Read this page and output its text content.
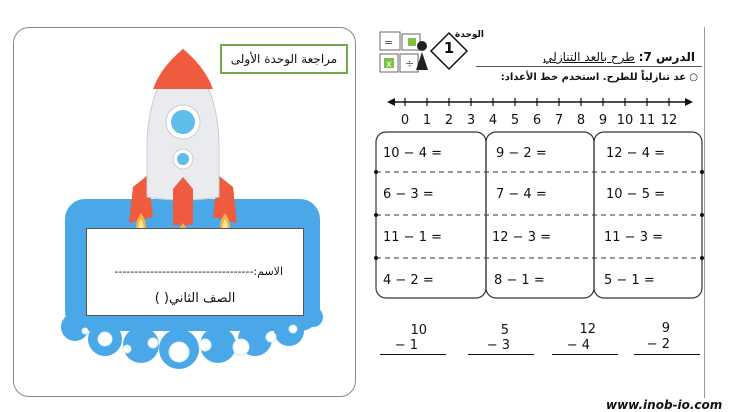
مراجعة الوحدة الأولى
الاسم:-----------------------------------
الصف الثاني( )
x
=
÷
1
الوحدة
الدرس 7: طرح بالعد التنازلي
○ عد تنازلياً للطرح. استخدم خط الأعداد:
0	1	2	3	4	5	6	7	8	9 10 11 12
10 − 4 =	9 − 2 =	12 − 4 =
6 − 3 =	7 − 4 =	10 − 5 =
11 − 1 =	12 − 3 =	11 − 3 =
4 − 2 =	8 − 1 =	5 − 1 =
10
− 1
5
− 3
12
− 4
9
− 2
www.inob-io.com
